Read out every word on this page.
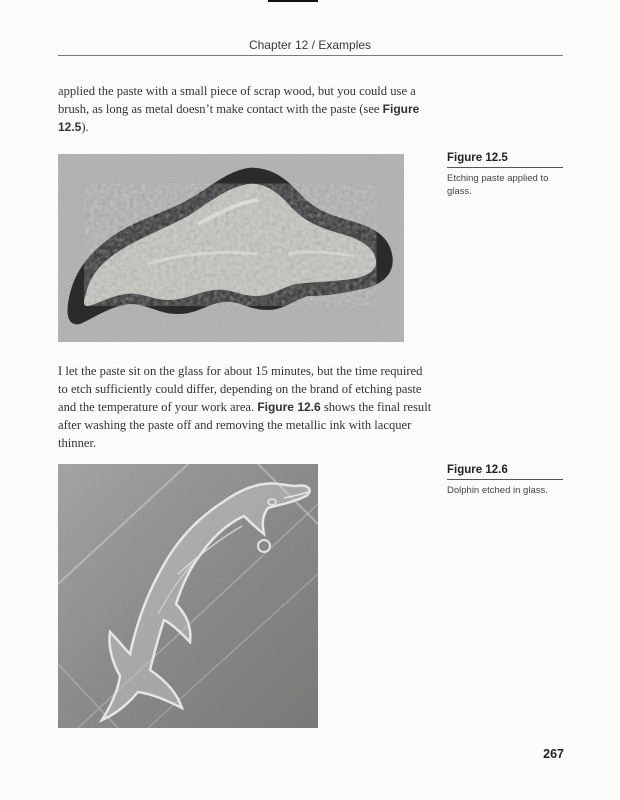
Chapter 12 / Examples

applied the paste with a small piece of scrap wood, but you could use a brush, as long as metal doesn’t make contact with the paste (see Figure 12.5).

Figure 12.5
Etching paste applied to glass.

I let the paste sit on the glass for about 15 minutes, but the time required to etch sufficiently could differ, depending on the brand of etching paste and the temperature of your work area. Figure 12.6 shows the final result after washing the paste off and removing the metallic ink with lacquer thinner.

Figure 12.6
Dolphin etched in glass.
267
